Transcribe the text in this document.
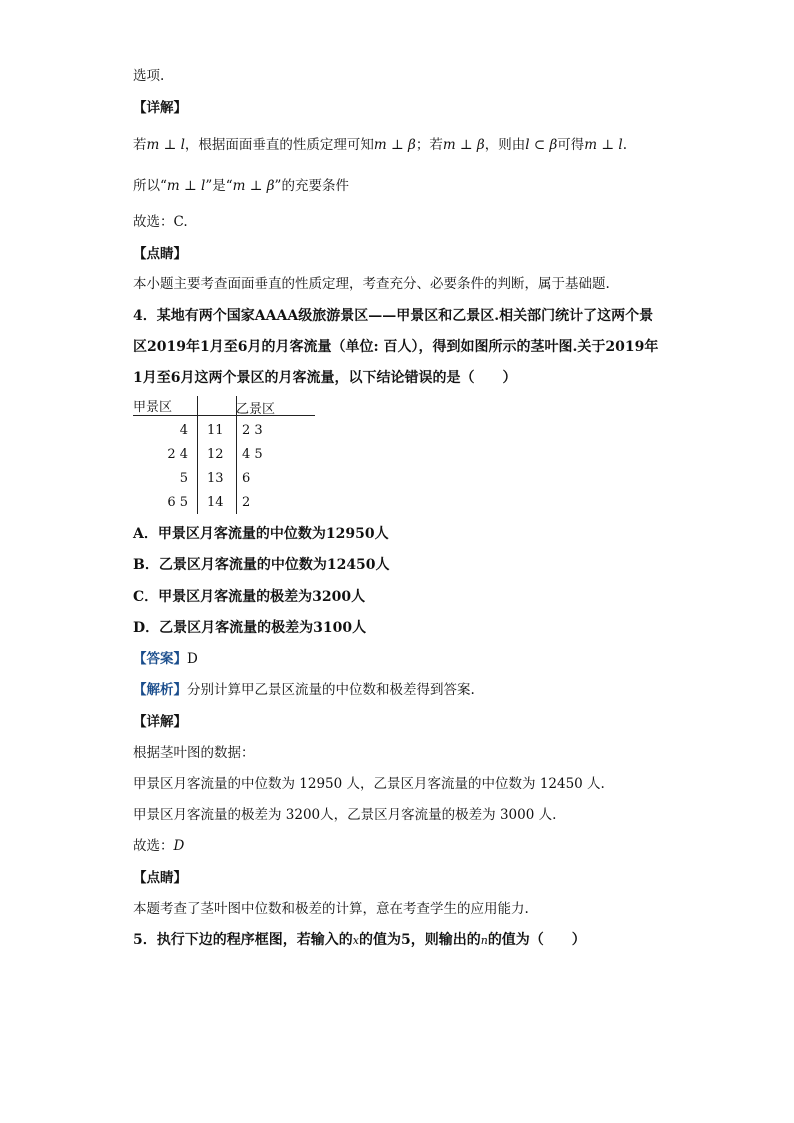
选项.
【详解】
若m ⊥ l，根据面面垂直的性质定理可知m ⊥ β；若m ⊥ β，则由l ⊂ β可得m ⊥ l.
所以“m ⊥ l”是“m ⊥ β”的充要条件
故选：C.
【点睛】
本小题主要考查面面垂直的性质定理，考查充分、必要条件的判断，属于基础题.
4．某地有两个国家AAAA级旅游景区——甲景区和乙景区.相关部门统计了这两个景
区2019年1月至6月的月客流量（单位: 百人），得到如图所示的茎叶图.关于2019年
1月至6月这两个景区的月客流量，以下结论错误的是（　　）
甲景区	乙景区
4 11 2 3
2 4 12 4 5
5 13 6
6 5 14 2
A．甲景区月客流量的中位数为12950人
B．乙景区月客流量的中位数为12450人
C．甲景区月客流量的极差为3200人
D．乙景区月客流量的极差为3100人
【答案】D
【解析】分别计算甲乙景区流量的中位数和极差得到答案.
【详解】
根据茎叶图的数据：
甲景区月客流量的中位数为 12950 人，乙景区月客流量的中位数为 12450 人.
甲景区月客流量的极差为 3200人，乙景区月客流量的极差为 3000 人.
故选：D
【点睛】
本题考查了茎叶图中位数和极差的计算，意在考查学生的应用能力.
5．执行下边的程序框图，若输入的x的值为5，则输出的n的值为（　　）
